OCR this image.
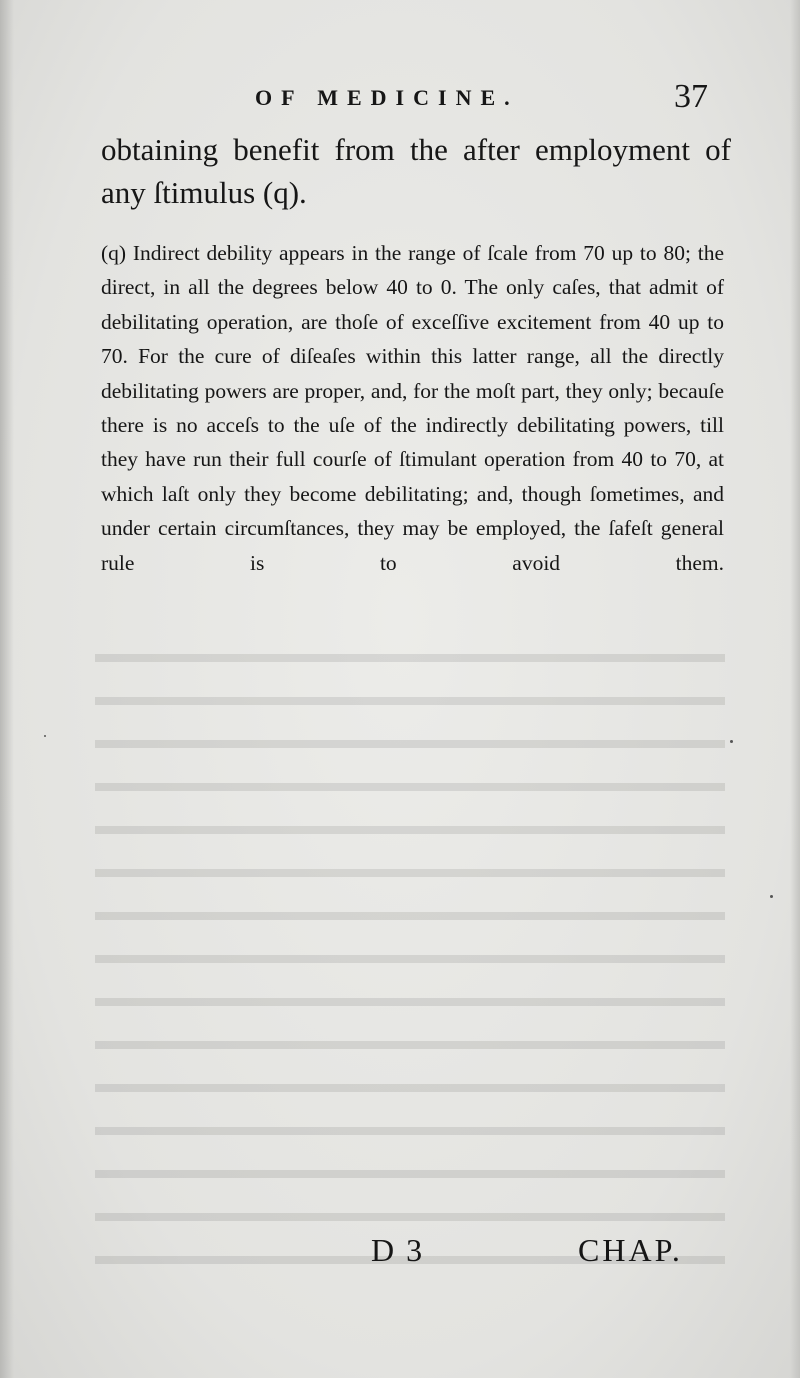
OF MEDICINE.	37

obtaining benefit from the after employment of any ſtimulus (q).

(q) Indirect debility appears in the range of ſcale from 70 up to 80; the direct, in all the degrees below 40 to 0. The only caſes, that admit of debilitating operation, are thoſe of exceſſive excitement from 40 up to 70. For the cure of diſeaſes within this latter range, all the directly debilitating powers are proper, and, for the moſt part, they only; becauſe there is no acceſs to the uſe of the indirectly debilitating powers, till they have run their full courſe of ſtimulant operation from 40 to 70, at which laſt only they become debilitating; and, though ſometimes, and under certain circumſtances, they may be employed, the ſafeſt general rule is to avoid them.

D 3	CHAP.
